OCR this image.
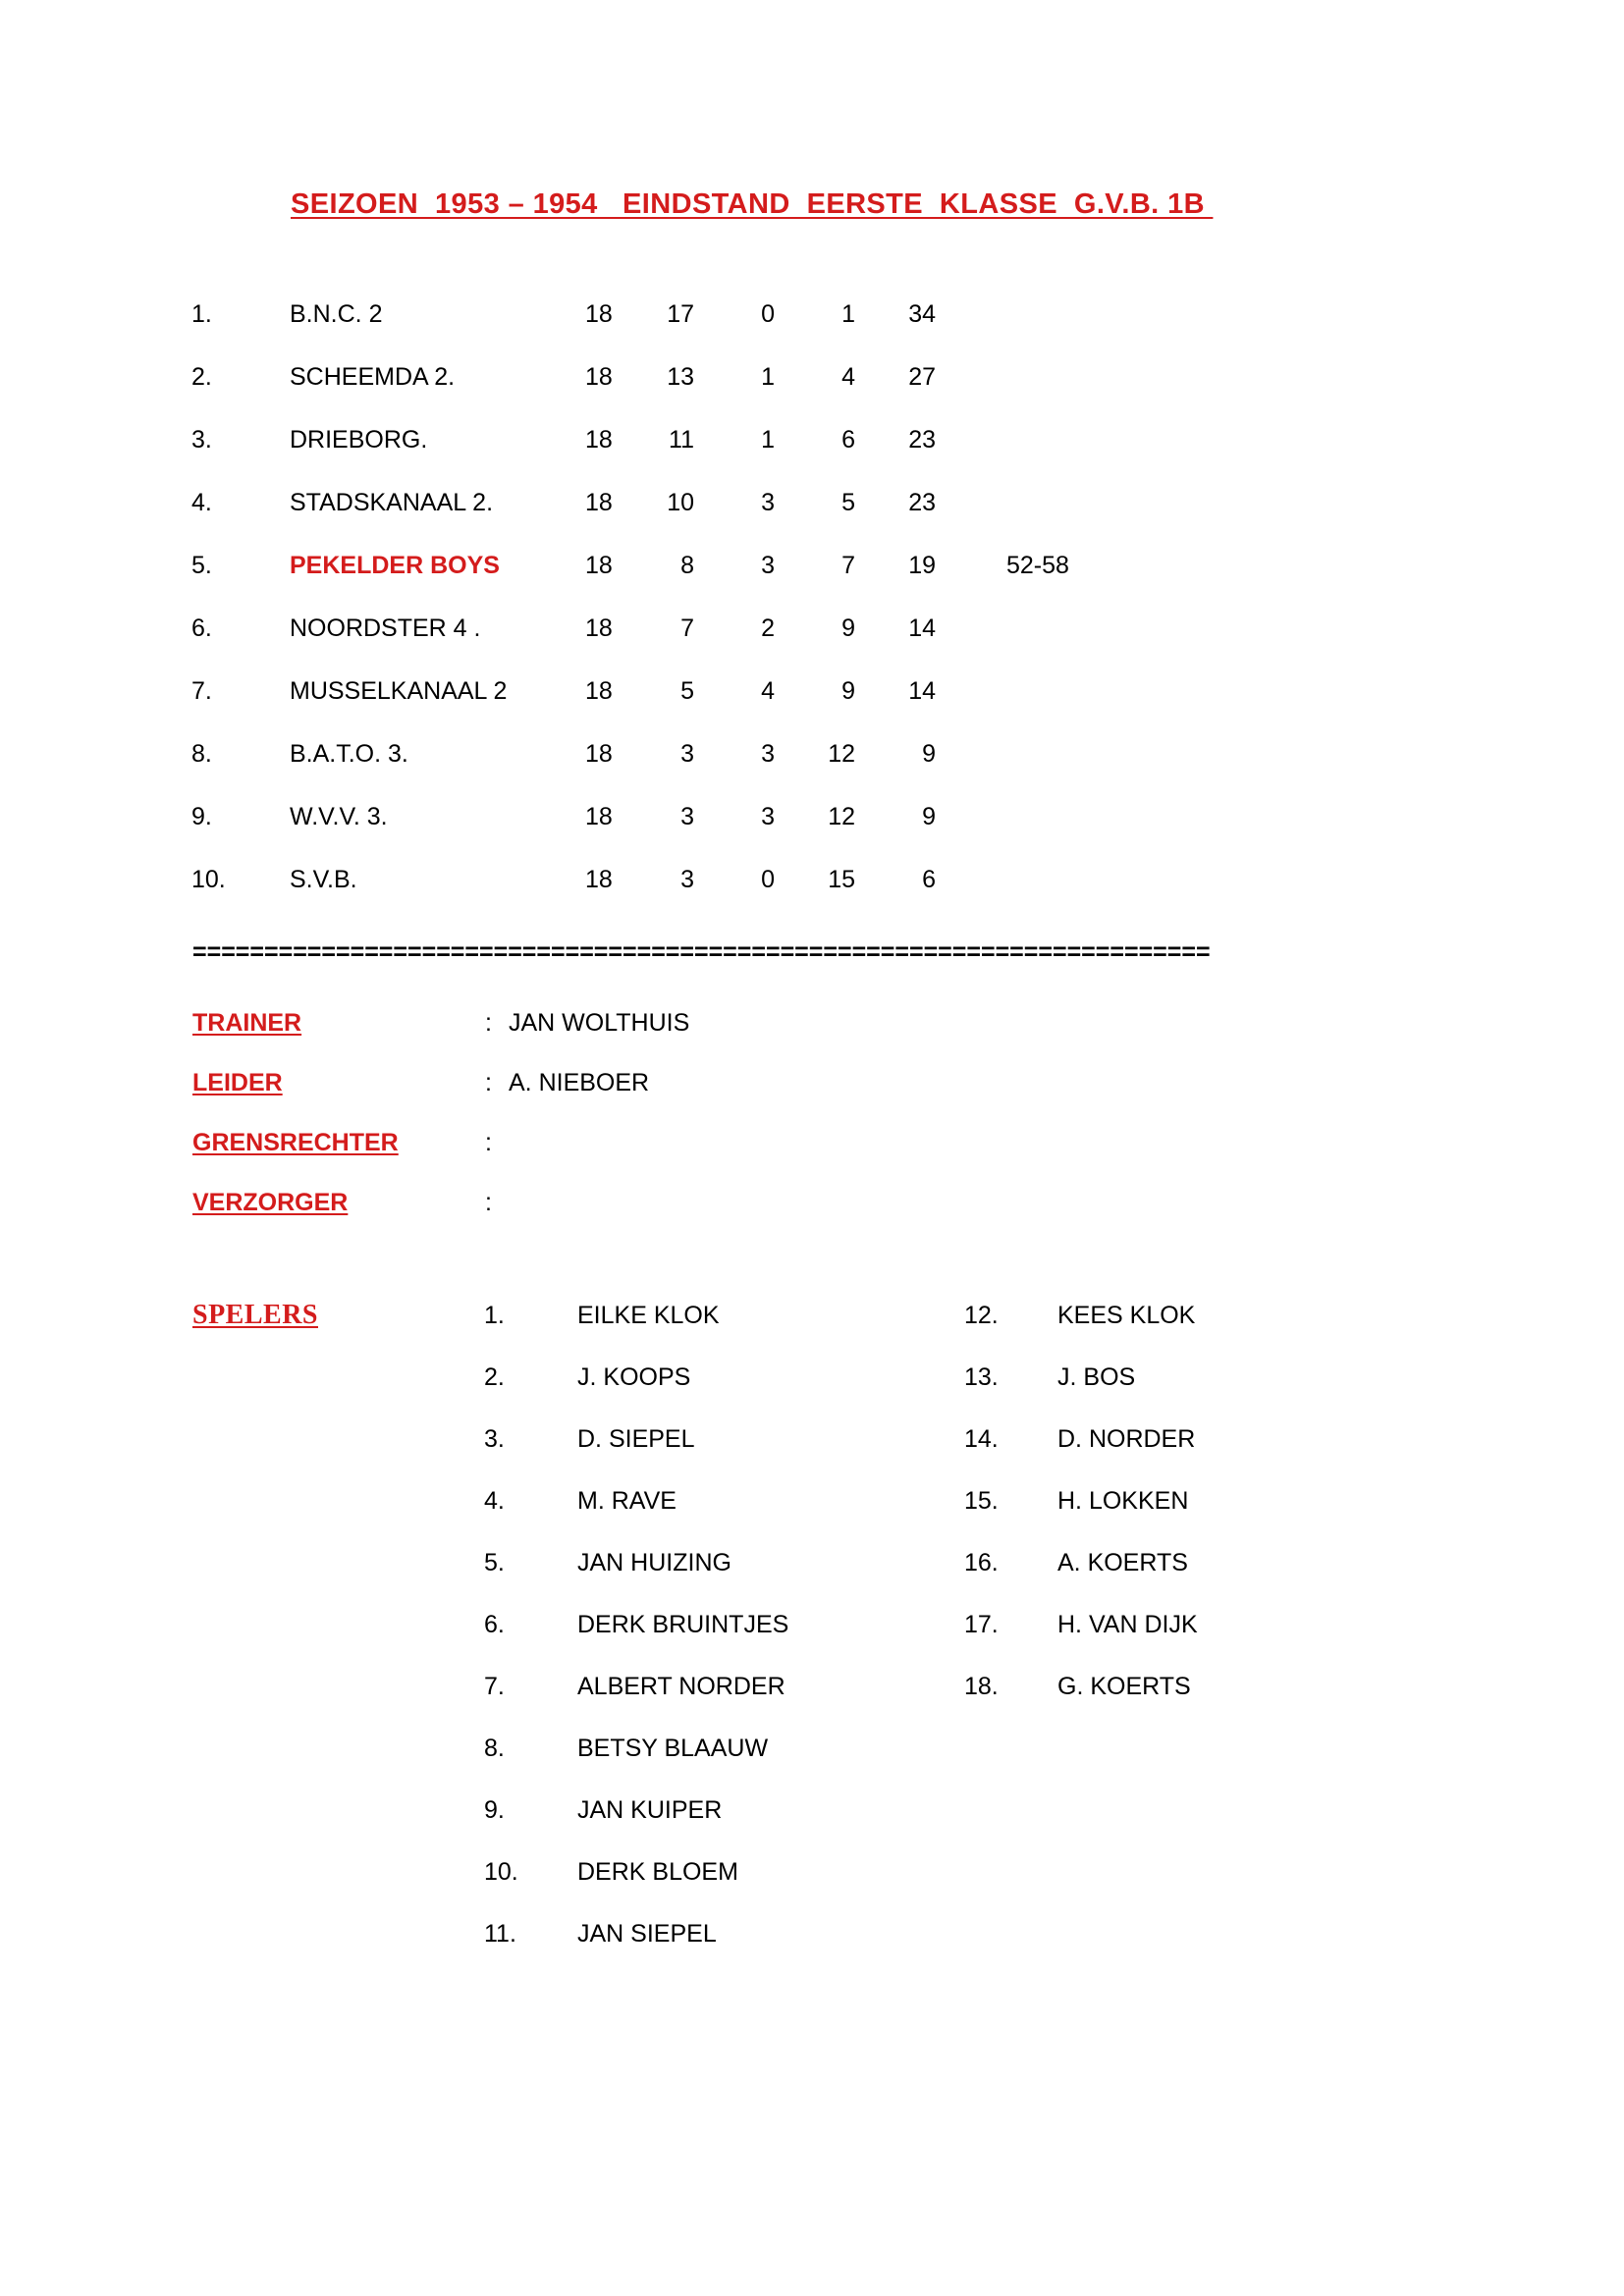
SEIZOEN  1953 – 1954   EINDSTAND  EERSTE  KLASSE  G.V.B. 1B
1.	B.N.C. 2	18	17	0	1	34
2.	SCHEEMDA 2.	18	13	1	4	27
3.	DRIEBORG.	18	11	1	6	23
4.	STADSKANAAL 2.	18	10	3	5	23
5.	PEKELDER BOYS	18	8	3	7	19	52-58
6.	NOORDSTER 4 .	18	7	2	9	14
7.	MUSSELKANAAL 2	18	5	4	9	14
8.	B.A.T.O. 3.	18	3	3	12	9
9.	W.V.V. 3.	18	3	3	12	9
10.	S.V.B.	18	3	0	15	6
=======================================================================
TRAINER	: JAN WOLTHUIS
LEIDER	: A. NIEBOER
GRENSRECHTER	:
VERZORGER	:
SPELERS	1.	EILKE KLOK	12. KEES KLOK
2.	J. KOOPS	13. J. BOS
3.	D. SIEPEL	14. D. NORDER
4.	M. RAVE	15. H. LOKKEN
5.	JAN HUIZING	16. A. KOERTS
6.	DERK BRUINTJES	17. H. VAN DIJK
7.	ALBERT NORDER	18. G. KOERTS
8.	BETSY BLAAUW
9.	JAN KUIPER
10. DERK BLOEM
11. JAN SIEPEL
